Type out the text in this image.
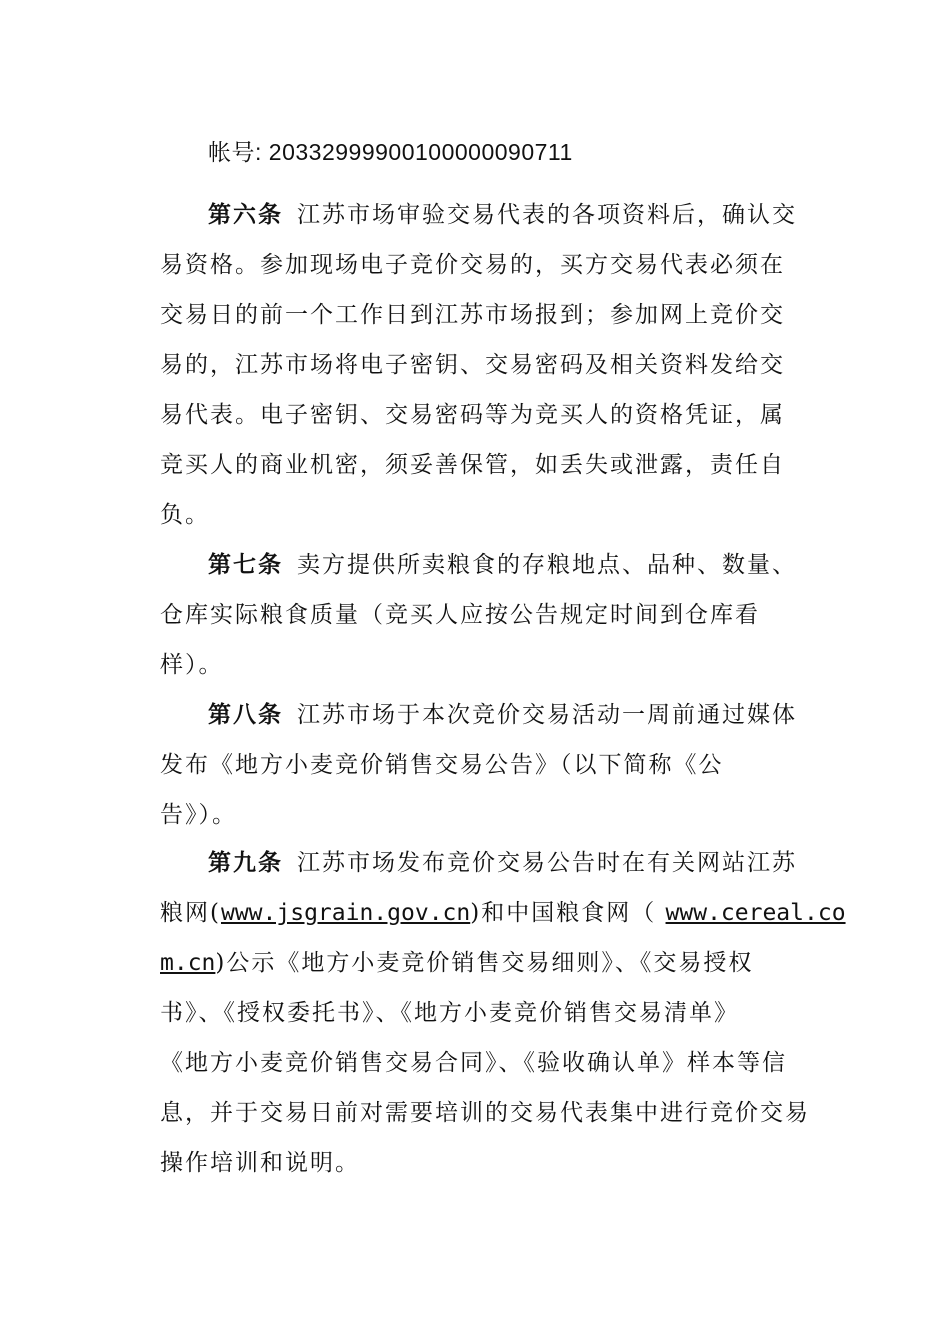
帐号: 20332999900100000090711
第六条 江苏市场审验交易代表的各项资料后，确认交
易资格。参加现场电子竞价交易的，买方交易代表必须在
交易日的前一个工作日到江苏市场报到；参加网上竞价交
易的，江苏市场将电子密钥、交易密码及相关资料发给交
易代表。电子密钥、交易密码等为竞买人的资格凭证，属
竞买人的商业机密，须妥善保管，如丢失或泄露，责任自
负。
第七条 卖方提供所卖粮食的存粮地点、品种、数量、
仓库实际粮食质量（竞买人应按公告规定时间到仓库看
样）。
第八条 江苏市场于本次竞价交易活动一周前通过媒体
发布《地方小麦竞价销售交易公告》（以下简称《公
告》）。
第九条 江苏市场发布竞价交易公告时在有关网站江苏
粮网(www.jsgrain.gov.cn)和中国粮食网（ www.cereal.co
m.cn)公示《地方小麦竞价销售交易细则》、《交易授权
书》、《授权委托书》、《地方小麦竞价销售交易清单》
《地方小麦竞价销售交易合同》、《验收确认单》样本等信
息，并于交易日前对需要培训的交易代表集中进行竞价交易
操作培训和说明。
